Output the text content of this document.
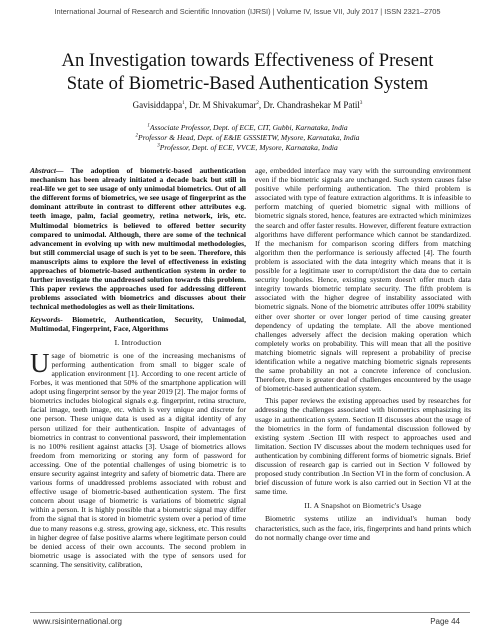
International Journal of Research and Scientific Innovation (IJRSI) | Volume IV, Issue VII, July 2017 | ISSN 2321–2705
An Investigation towards Effectiveness of Present
State of Biometric-Based Authentication System
Gavisiddappa$^1$, Dr. M Shivakumar$^2$, Dr. Chandrashekar M Patil$^3$
$^1$Associate Professor, Dept. of ECE, CIT, Gubbi, Karnataka, India
$^2$Professor & Head, Dept. of E&IE GSSSIETW, Mysore, Karnataka, India
$^3$Professor, Dept. of ECE, VVCE, Mysore, Karnataka, India

Abstract— The adoption of biometric-based authentication mechanism has been already initiated a decade back but still in real-life we get to see usage of only unimodal biometrics. Out of all the different forms of biometrics, we see usage of fingerprint as the dominant attribute in contrast to different other attributes e.g. teeth image, palm, facial geometry, retina network, iris, etc. Multimodal biometrics is believed to offered better security compared to unimodal. Although, there are some of the technical advancement in evolving up with new multimodal methodologies, but still commercial usage of such is yet to be seen. Therefore, this manuscripts aims to explore the level of effectiveness in existing approaches of biometric-based authentication system in order to further investigate the unaddressed solution towards this problem. This paper reviews the approaches used for addressing different problems associated with biometrics and discusses about their technical methodologies as well as their limitations.

Keywords- Biometric, Authentication, Security, Unimodal, Multimodal, Fingerprint, Face, Algorithms

I. Introduction

Usage of biometric is one of the increasing mechanisms of performing authentication from small to bigger scale of application environment [1]. According to one recent article of Forbes, it was mentioned that 50% of the smartphone application will adopt using fingerprint sensor by the year 2019 [2]. The major forms of biometrics includes biological signals e.g. fingerprint, retina structure, facial image, teeth image, etc. which is very unique and discrete for one person. These unique data is used as a digital identity of any person utilized for their authentication. Inspite of advantages of biometrics in contrast to conventional password, their implementation is no 100% resilient against attacks [3]. Usage of biometrics allows freedom from memorizing or storing any form of password for accessing. One of the potential challenges of using biometric is to ensure security against integrity and safety of biometric data. There are various forms of unaddressed problems associated with robust and effective usage of biometric-based authentication system. The first concern about usage of biometric is variations of biometric signal within a person. It is highly possible that a biometric signal may differ from the signal that is stored in biometric system over a period of time due to many reasons e.g. stress, growing age, sickness, etc. This results in higher degree of false positive alarms where legitimate person could be denied access of their own accounts. The second problem in biometric usage is associated with the type of sensors used for scanning. The sensitivity, calibration,

age, embedded interface may vary with the surrounding environment even if the biometric signals are unchanged. Such system causes false positive while performing authentication. The third problem is associated with type of feature extraction algorithms. It is infeasible to perform matching of queried biometric signal with millions of biometric signals stored, hence, features are extracted which minimizes the search and offer faster results. However, different feature extraction algorithms have different performance which cannot be standardized. If the mechanism for comparison scoring differs from matching algorithm then the performance is seriously affected [4]. The fourth problem is associated with the data integrity which means that it is possible for a legitimate user to corrupt/distort the data due to certain security loopholes. Hence, existing system doesn't offer much data integrity towards biometric template security. The fifth problem is associated with the higher degree of instability associated with biometric signals. None of the biometric attributes offer 100% stability either over shorter or over longer period of time causing greater dependency of updating the template. All the above mentioned challenges adversely affect the decision making operation which completely works on probability. This will mean that all the positive matching biometric signals will represent a probability of precise identification while a negative matching biometric signals represents the same probability an not a concrete inference of conclusion. Therefore, there is greater deal of challenges encountered by the usage of biometric-based authentication system.

This paper reviews the existing approaches used by researches for addressing the challenges associated with biometrics emphasizing its usage in authentication system. Section II discusses about the usage of the biometrics in the form of fundamental discussion followed by existing system .Section III with respect to approaches used and limitation. Section IV discusses about the modern techniques used for authentication by combining different forms of biometric signals. Brief discussion of research gap is carried out in Section V followed by proposed study contribution .In Section VI in the form of conclusion. A brief discussion of future work is also carried out in Section VI at the same time.

II. A Snapshot on Biometric's Usage

Biometric systems utilize an individual's human body characteristics, such as the face, iris, fingerprints and hand prints which do not normally change over time and

www.rsisinternational.org	Page 44
